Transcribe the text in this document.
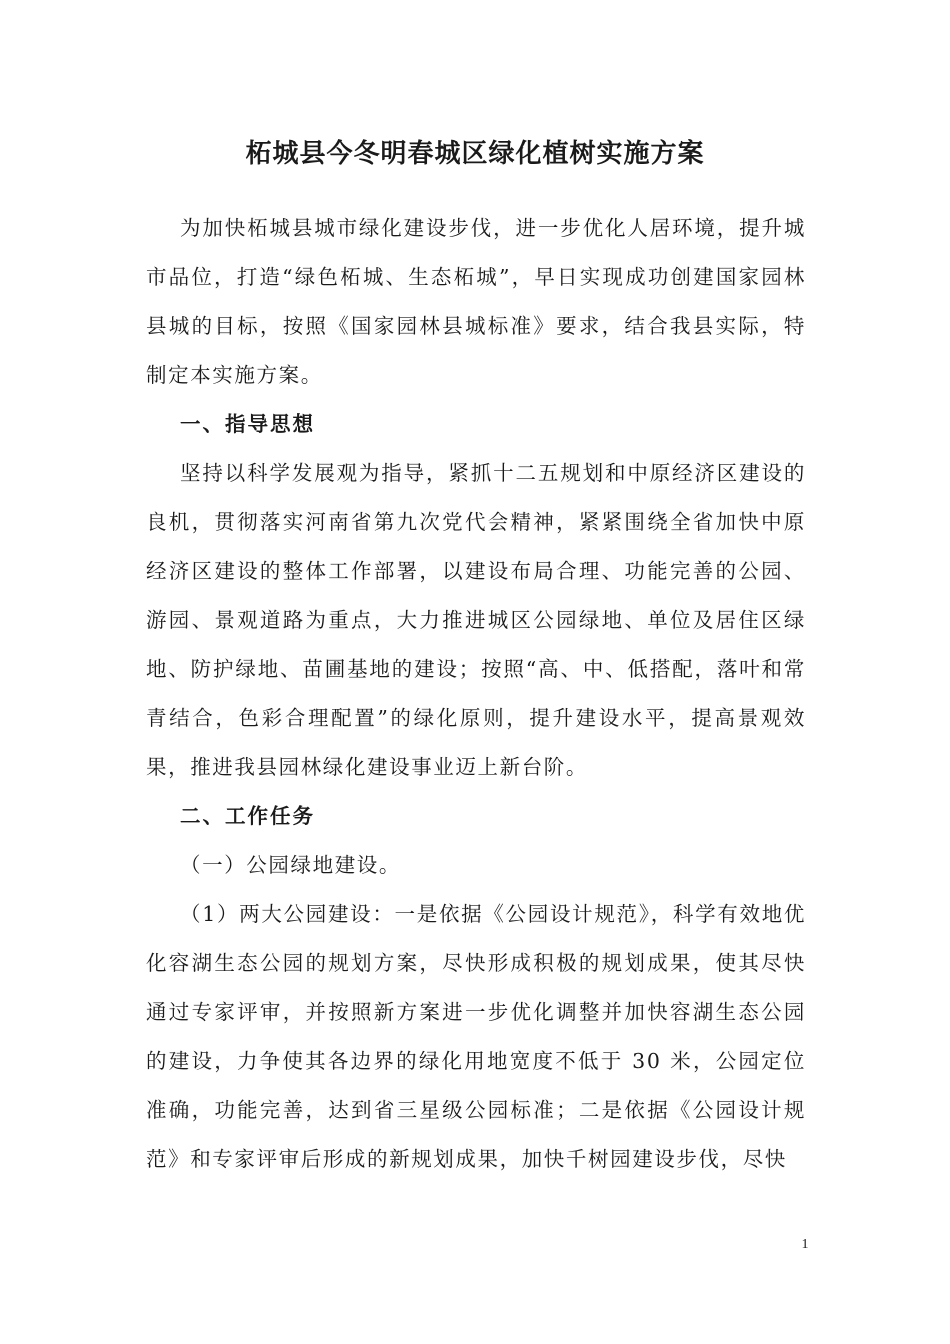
柘城县今冬明春城区绿化植树实施方案

为加快柘城县城市绿化建设步伐，进一步优化人居环境，提升城市品位，打造“绿色柘城、生态柘城”，早日实现成功创建国家园林县城的目标，按照《国家园林县城标准》要求，结合我县实际，特制定本实施方案。

一、指导思想

坚持以科学发展观为指导，紧抓十二五规划和中原经济区建设的良机，贯彻落实河南省第九次党代会精神，紧紧围绕全省加快中原经济区建设的整体工作部署，以建设布局合理、功能完善的公园、游园、景观道路为重点，大力推进城区公园绿地、单位及居住区绿地、防护绿地、苗圃基地的建设；按照“高、中、低搭配，落叶和常青结合，色彩合理配置”的绿化原则，提升建设水平，提高景观效果，推进我县园林绿化建设事业迈上新台阶。

二、工作任务

（一）公园绿地建设。

（1）两大公园建设：一是依据《公园设计规范》，科学有效地优化容湖生态公园的规划方案，尽快形成积极的规划成果，使其尽快通过专家评审，并按照新方案进一步优化调整并加快容湖生态公园的建设，力争使其各边界的绿化用地宽度不低于 30 米，公园定位准确，功能完善，达到省三星级公园标准；二是依据《公园设计规范》和专家评审后形成的新规划成果，加快千树园建设步伐，尽快

1
